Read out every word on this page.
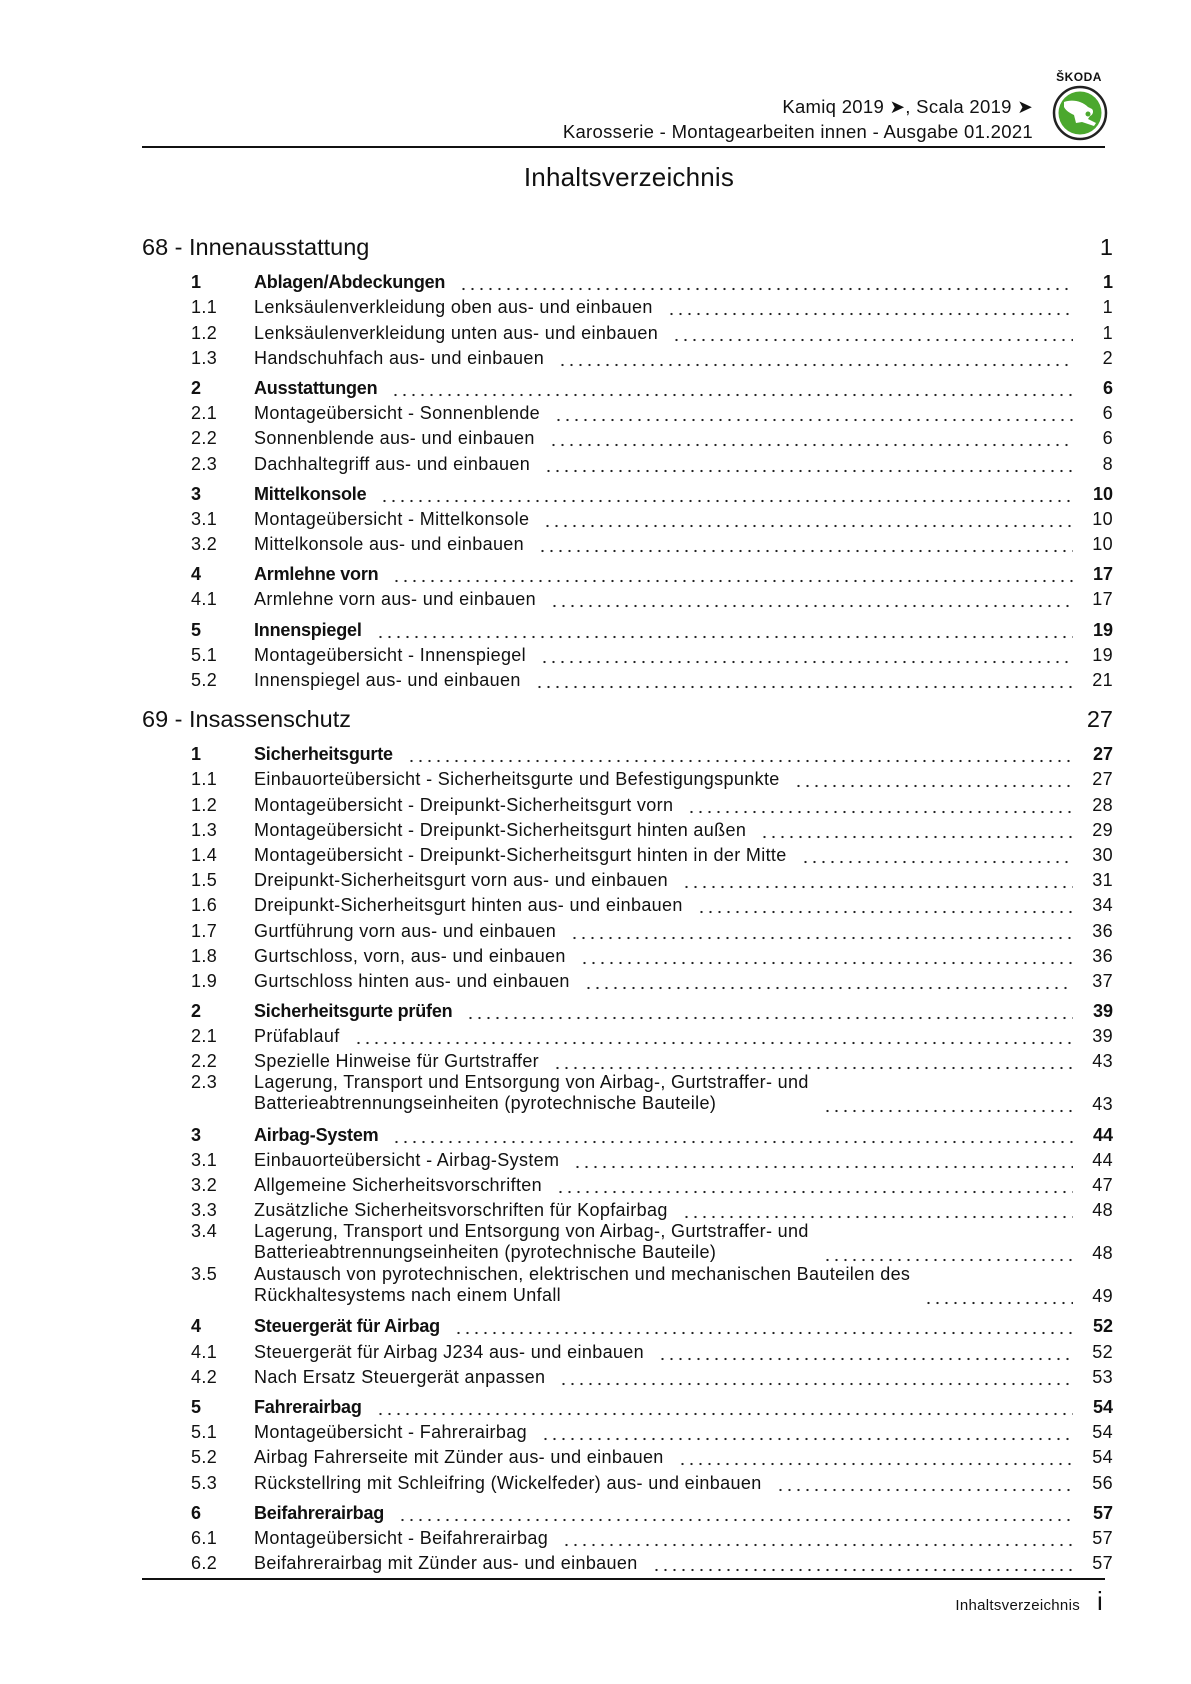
Kamiq 2019 ➤, Scala 2019 ➤
Karosserie - Montagearbeiten innen - Ausgabe 01.2021
ŠKODA
Inhaltsverzeichnis
68 - Innenausstattung	1
1	Ablagen/Abdeckungen	1
1.1	Lenksäulenverkleidung oben aus- und einbauen	1
1.2	Lenksäulenverkleidung unten aus- und einbauen	1
1.3	Handschuhfach aus- und einbauen	2
2	Ausstattungen	6
2.1	Montageübersicht - Sonnenblende	6
2.2	Sonnenblende aus- und einbauen	6
2.3	Dachhaltegriff aus- und einbauen	8
3	Mittelkonsole	10
3.1	Montageübersicht - Mittelkonsole	10
3.2	Mittelkonsole aus- und einbauen	10
4	Armlehne vorn	17
4.1	Armlehne vorn aus- und einbauen	17
5	Innenspiegel	19
5.1	Montageübersicht - Innenspiegel	19
5.2	Innenspiegel aus- und einbauen	21
69 - Insassenschutz	27
1	Sicherheitsgurte	27
1.1	Einbauorteübersicht - Sicherheitsgurte und Befestigungspunkte	27
1.2	Montageübersicht - Dreipunkt-Sicherheitsgurt vorn	28
1.3	Montageübersicht - Dreipunkt-Sicherheitsgurt hinten außen	29
1.4	Montageübersicht - Dreipunkt-Sicherheitsgurt hinten in der Mitte	30
1.5	Dreipunkt-Sicherheitsgurt vorn aus- und einbauen	31
1.6	Dreipunkt-Sicherheitsgurt hinten aus- und einbauen	34
1.7	Gurtführung vorn aus- und einbauen	36
1.8	Gurtschloss, vorn, aus- und einbauen	36
1.9	Gurtschloss hinten aus- und einbauen	37
2	Sicherheitsgurte prüfen	39
2.1	Prüfablauf	39
2.2	Spezielle Hinweise für Gurtstraffer	43
2.3	Lagerung, Transport und Entsorgung von Airbag-, Gurtstraffer- und
Batterieabtrennungseinheiten (pyrotechnische Bauteile)	43
3	Airbag-System	44
3.1	Einbauorteübersicht - Airbag-System	44
3.2	Allgemeine Sicherheitsvorschriften	47
3.3	Zusätzliche Sicherheitsvorschriften für Kopfairbag	48
3.4	Lagerung, Transport und Entsorgung von Airbag-, Gurtstraffer- und
Batterieabtrennungseinheiten (pyrotechnische Bauteile)	48
3.5	Austausch von pyrotechnischen, elektrischen und mechanischen Bauteilen des
Rückhaltesystems nach einem Unfall	49
4	Steuergerät für Airbag	52
4.1	Steuergerät für Airbag J234 aus- und einbauen	52
4.2	Nach Ersatz Steuergerät anpassen	53
5	Fahrerairbag	54
5.1	Montageübersicht - Fahrerairbag	54
5.2	Airbag Fahrerseite mit Zünder aus- und einbauen	54
5.3	Rückstellring mit Schleifring (Wickelfeder) aus- und einbauen	56
6	Beifahrerairbag	57
6.1	Montageübersicht - Beifahrerairbag	57
6.2	Beifahrerairbag mit Zünder aus- und einbauen	57
Inhaltsverzeichnis i
